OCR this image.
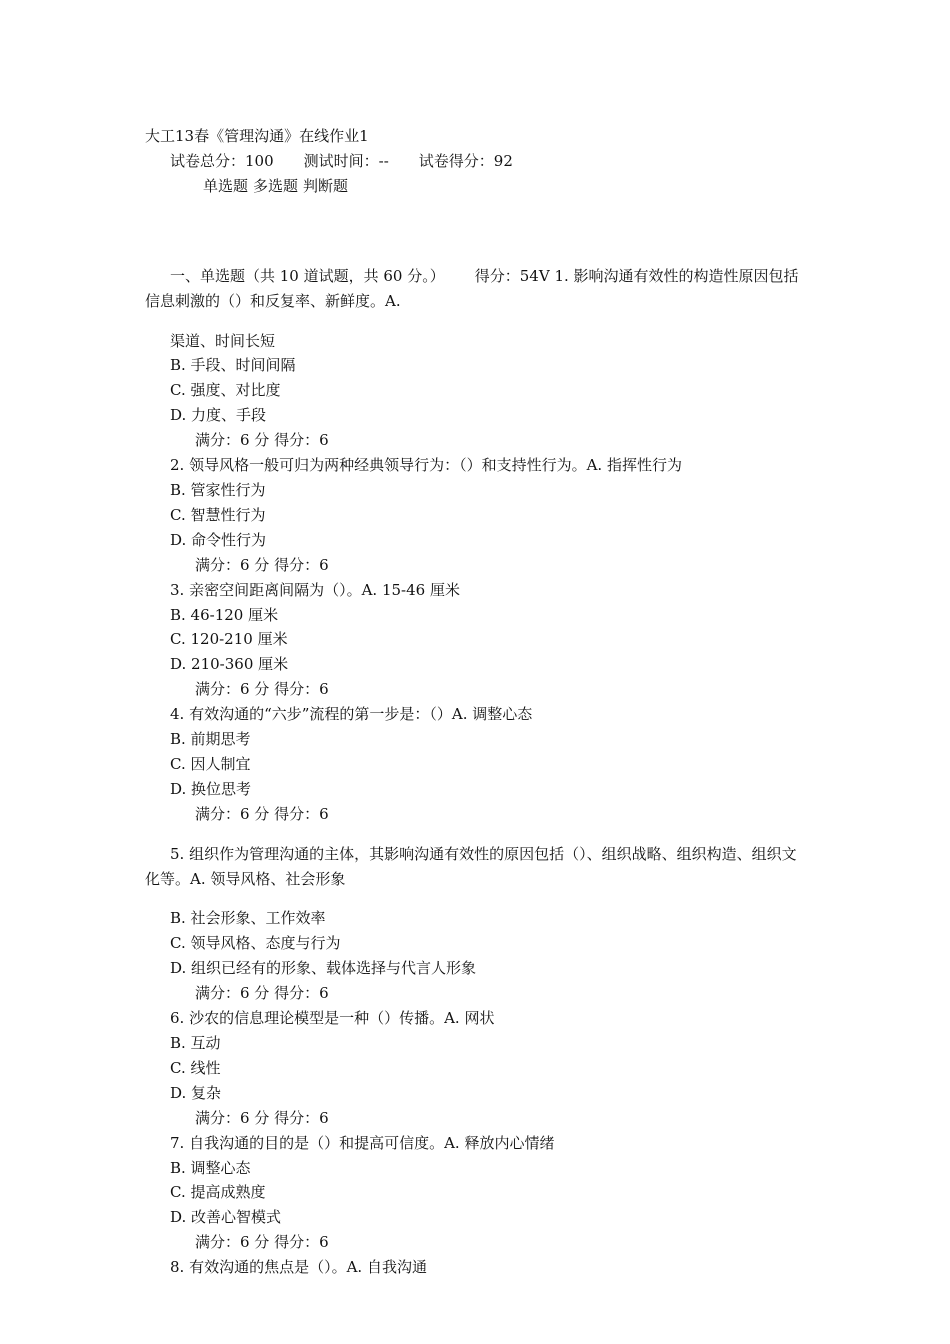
大工13春《管理沟通》在线作业1

试卷总分：100 测试时间：-- 试卷得分：92

单选题 多选题 判断题

一、单选题（共 10 道试题，共 60 分。） 得分：54V 1. 影响沟通有效性的构造性原因包括信息刺激的（）和反复率、新鲜度。A.

渠道、时间长短

B. 手段、时间间隔

C. 强度、对比度

D. 力度、手段

满分：6 分 得分：6

2. 领导风格一般可归为两种经典领导行为：（）和支持性行为。A. 指挥性行为

B. 管家性行为

C. 智慧性行为

D. 命令性行为

满分：6 分 得分：6

3. 亲密空间距离间隔为（）。A. 15-46 厘米

B. 46-120 厘米

C. 120-210 厘米

D. 210-360 厘米

满分：6 分 得分：6

4. 有效沟通的“六步”流程的第一步是：（）A. 调整心态

B. 前期思考

C. 因人制宜

D. 换位思考

满分：6 分 得分：6

5. 组织作为管理沟通的主体，其影响沟通有效性的原因包括（）、组织战略、组织构造、组织文化等。A. 领导风格、社会形象

B. 社会形象、工作效率

C. 领导风格、态度与行为

D. 组织已经有的形象、载体选择与代言人形象

满分：6 分 得分：6

6. 沙农的信息理论模型是一种（）传播。A. 网状

B. 互动

C. 线性

D. 复杂

满分：6 分 得分：6

7. 自我沟通的目的是（）和提高可信度。A. 释放内心情绪

B. 调整心态

C. 提高成熟度

D. 改善心智模式

满分：6 分 得分：6

8. 有效沟通的焦点是（）。A. 自我沟通
